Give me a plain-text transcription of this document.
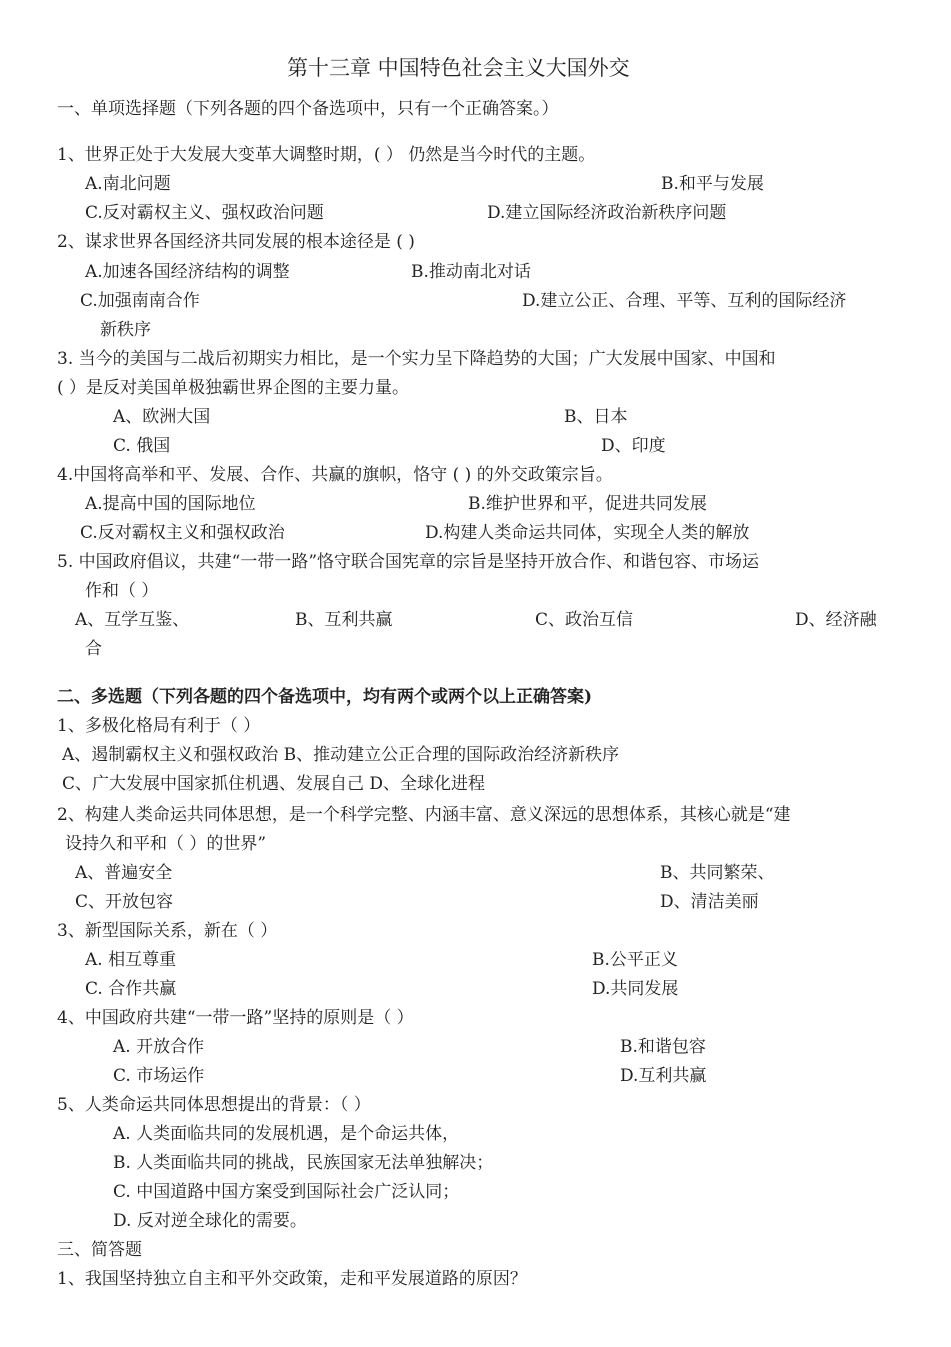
第十三章 中国特色社会主义大国外交
一、单项选择题（下列各题的四个备选项中，只有一个正确答案。）
1、世界正处于大发展大变革大调整时期，( ） 仍然是当今时代的主题。
A.南北问题	B.和平与发展
C.反对霸权主义、强权政治问题	D.建立国际经济政治新秩序问题
2、谋求世界各国经济共同发展的根本途径是 ( )
A.加速各国经济结构的调整	B.推动南北对话
C.加强南南合作	D.建立公正、合理、平等、互利的国际经济
新秩序
3. 当今的美国与二战后初期实力相比，是一个实力呈下降趋势的大国；广大发展中国家、中国和
( ）是反对美国单极独霸世界企图的主要力量。
A、欧洲大国	B、日本
C. 俄国	D、印度
4.中国将高举和平、发展、合作、共赢的旗帜，恪守 ( ) 的外交政策宗旨。
A.提高中国的国际地位	B.维护世界和平，促进共同发展
C.反对霸权主义和强权政治	D.构建人类命运共同体，实现全人类的解放
5. 中国政府倡议，共建“一带一路”恪守联合国宪章的宗旨是坚持开放合作、和谐包容、市场运
作和（ ）
A、互学互鉴、	B、互利共赢	C、政治互信	D、经济融
合
二、多选题（下列各题的四个备选项中，均有两个或两个以上正确答案)
1、多极化格局有利于（ ）
A、遏制霸权主义和强权政治 B、推动建立公正合理的国际政治经济新秩序
C、广大发展中国家抓住机遇、发展自己 D、全球化进程
2、构建人类命运共同体思想，是一个科学完整、内涵丰富、意义深远的思想体系，其核心就是“建
设持久和平和（ ）的世界”
A、普遍安全	B、共同繁荣、
C、开放包容	D、清洁美丽
3、新型国际关系，新在（ ）
A. 相互尊重	B.公平正义
C. 合作共赢	D.共同发展
4、中国政府共建“一带一路”坚持的原则是（ ）
A. 开放合作	B.和谐包容
C. 市场运作	D.互利共赢
5、人类命运共同体思想提出的背景：（ ）
A. 人类面临共同的发展机遇，是个命运共体，
B. 人类面临共同的挑战，民族国家无法单独解决；
C. 中国道路中国方案受到国际社会广泛认同；
D. 反对逆全球化的需要。
三、简答题
1、我国坚持独立自主和平外交政策，走和平发展道路的原因？
